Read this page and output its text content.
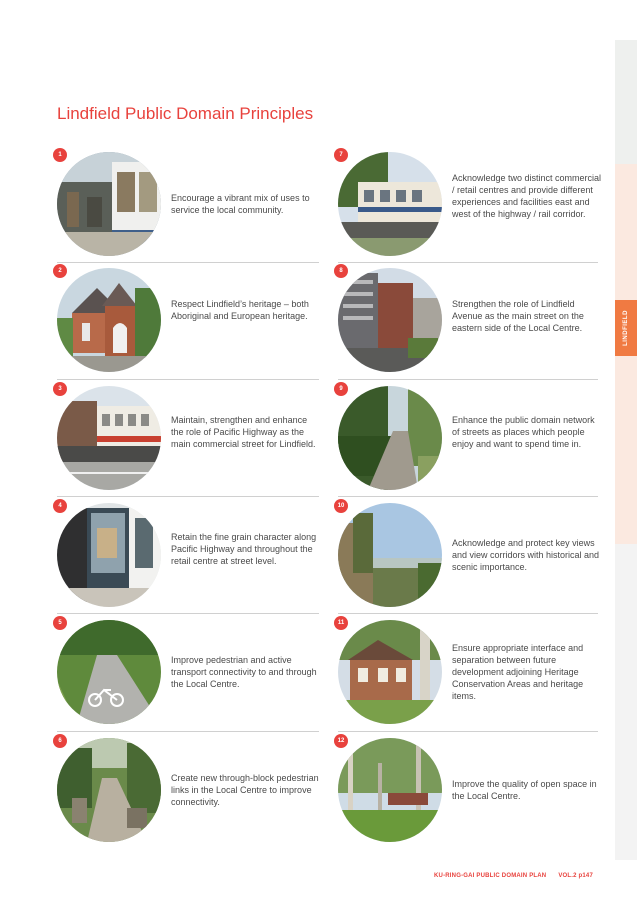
LINDFIELD
Lindfield Public Domain Principles
1
Encourage a vibrant mix of uses to service the local community.
2
Respect Lindfield’s heritage – both Aboriginal and European heritage.
3
Maintain, strengthen and enhance the role of Pacific Highway as the main commercial street for Lindfield.
4
Retain the fine grain character along Pacific Highway and throughout the retail centre at street level.
5
Improve pedestrian and active transport connectivity to and through the Local Centre.
6
Create new through-block pedestrian links in the Local Centre to improve connectivity.
7
Acknowledge two distinct commercial / retail centres and provide different experiences and facilities east and west of the highway / rail corridor.
8
Strengthen the role of Lindfield Avenue as the main street on the eastern side of the Local Centre.
9
Enhance the public domain network of streets as places which people enjoy and want to spend time in.
10
Acknowledge and protect key views and view corridors with historical and scenic importance.
11
Ensure appropriate interface and separation between future development adjoining Heritage Conservation Areas and heritage items.
12
Improve the quality of open space in the Local Centre.
KU-RING-GAI PUBLIC DOMAIN PLAN VOL.2 p147
